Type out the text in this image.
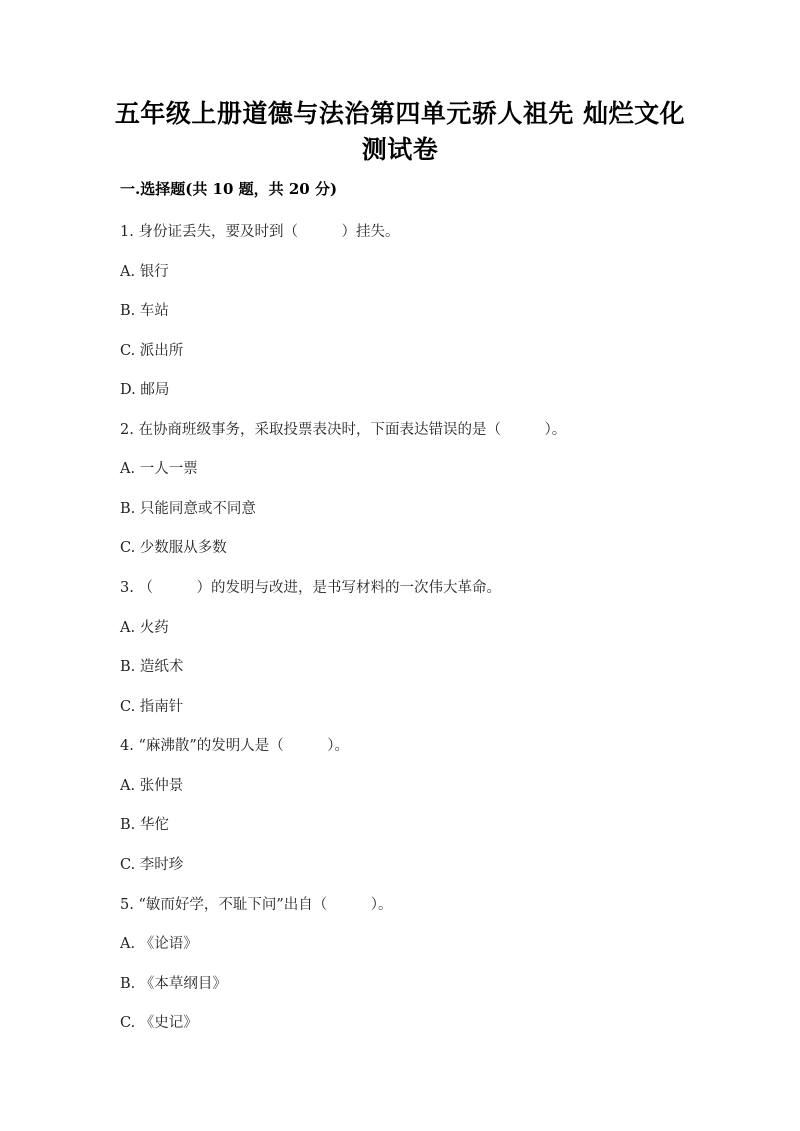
五年级上册道德与法治第四单元骄人祖先 灿烂文化
测试卷
一.选择题(共 10 题，共 20 分)
1. 身份证丢失，要及时到（　　　）挂失。
A. 银行
B. 车站
C. 派出所
D. 邮局
2. 在协商班级事务，采取投票表决时，下面表达错误的是（　　　）。
A. 一人一票
B. 只能同意或不同意
C. 少数服从多数
3. （　　　）的发明与改进，是书写材料的一次伟大革命。
A. 火药
B. 造纸术
C. 指南针
4. “麻沸散”的发明人是（　　　）。
A. 张仲景
B. 华佗
C. 李时珍
5. “敏而好学，不耻下问”出自（　　　）。
A. 《论语》
B. 《本草纲目》
C. 《史记》
